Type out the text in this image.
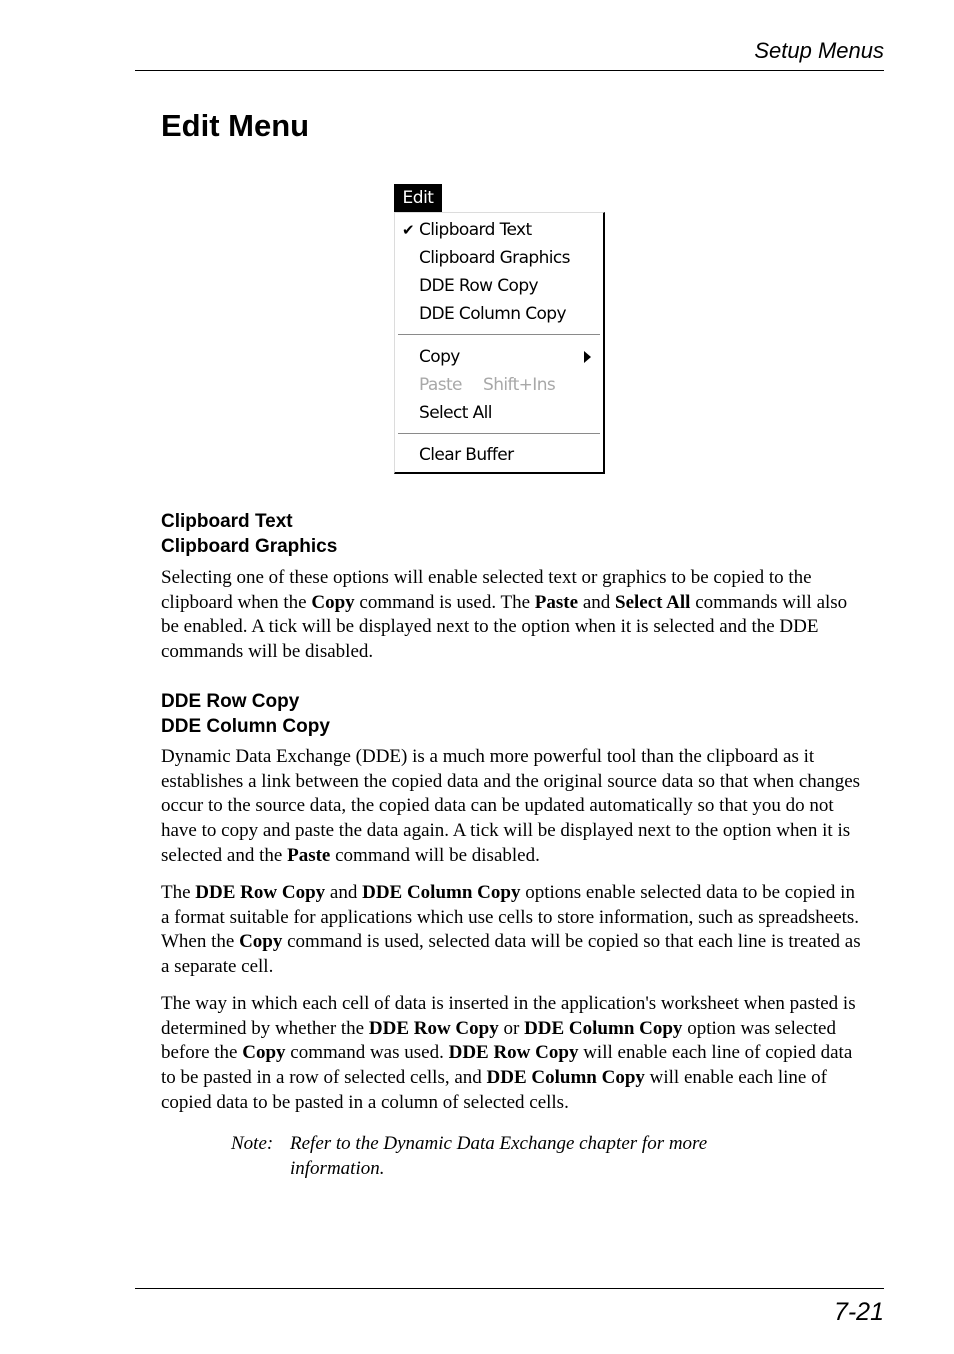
Setup Menus
Edit Menu
Edit
✔ Clipboard Text
Clipboard Graphics
DDE Row Copy
DDE Column Copy
Copy
Paste Shift+Ins
Select All
Clear Buffer
Clipboard Text
Clipboard Graphics

Selecting one of these options will enable selected text or graphics to be copied to the clipboard when the Copy command is used. The Paste and Select All commands will also be enabled. A tick will be displayed next to the option when it is selected and the DDE commands will be disabled.

DDE Row Copy
DDE Column Copy

Dynamic Data Exchange (DDE) is a much more powerful tool than the clipboard as it establishes a link between the copied data and the original source data so that when changes occur to the source data, the copied data can be updated automatically so that you do not have to copy and paste the data again. A tick will be displayed next to the option when it is selected and the Paste command will be disabled.

The DDE Row Copy and DDE Column Copy options enable selected data to be copied in a format suitable for applications which use cells to store information, such as spreadsheets. When the Copy command is used, selected data will be copied so that each line is treated as a separate cell.

The way in which each cell of data is inserted in the application's worksheet when pasted is determined by whether the DDE Row Copy or DDE Column Copy option was selected before the Copy command was used. DDE Row Copy will enable each line of copied data to be pasted in a row of selected cells, and DDE Column Copy will enable each line of copied data to be pasted in a column of selected cells.

Note: Refer to the Dynamic Data Exchange chapter for more information.
7-21
